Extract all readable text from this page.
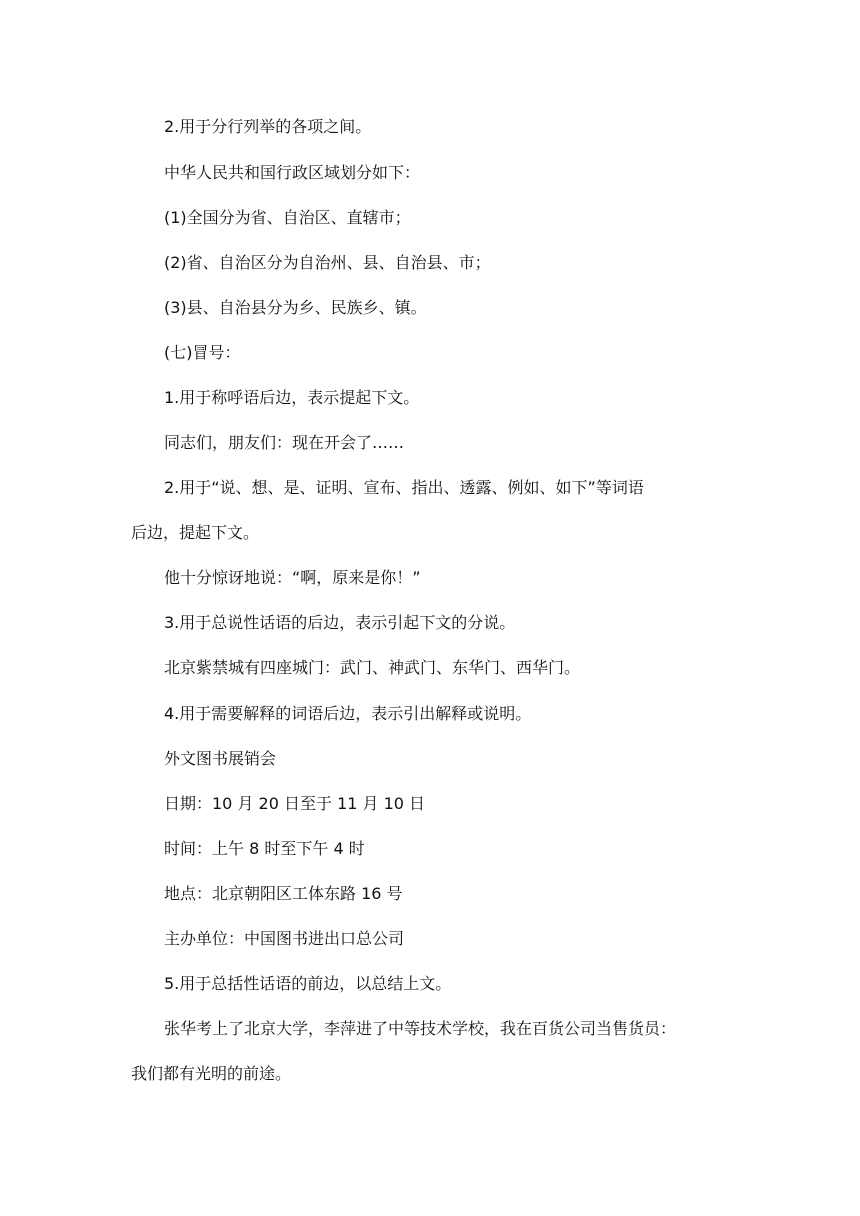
2.用于分行列举的各项之间。

中华人民共和国行政区域划分如下：

(1)全国分为省、自治区、直辖市；

(2)省、自治区分为自治州、县、自治县、市；

(3)县、自治县分为乡、民族乡、镇。

(七)冒号：

1.用于称呼语后边，表示提起下文。

同志们，朋友们：现在开会了……

2.用于“说、想、是、证明、宣布、指出、透露、例如、如下”等词语

后边，提起下文。

他十分惊讶地说：“啊，原来是你！”

3.用于总说性话语的后边，表示引起下文的分说。

北京紫禁城有四座城门：武门、神武门、东华门、西华门。

4.用于需要解释的词语后边，表示引出解释或说明。

外文图书展销会

日期：10 月 20 日至于 11 月 10 日

时间：上午 8 时至下午 4 时

地点：北京朝阳区工体东路 16 号

主办单位：中国图书进出口总公司

5.用于总括性话语的前边，以总结上文。

张华考上了北京大学，李萍进了中等技术学校，我在百货公司当售货员：

我们都有光明的前途。
